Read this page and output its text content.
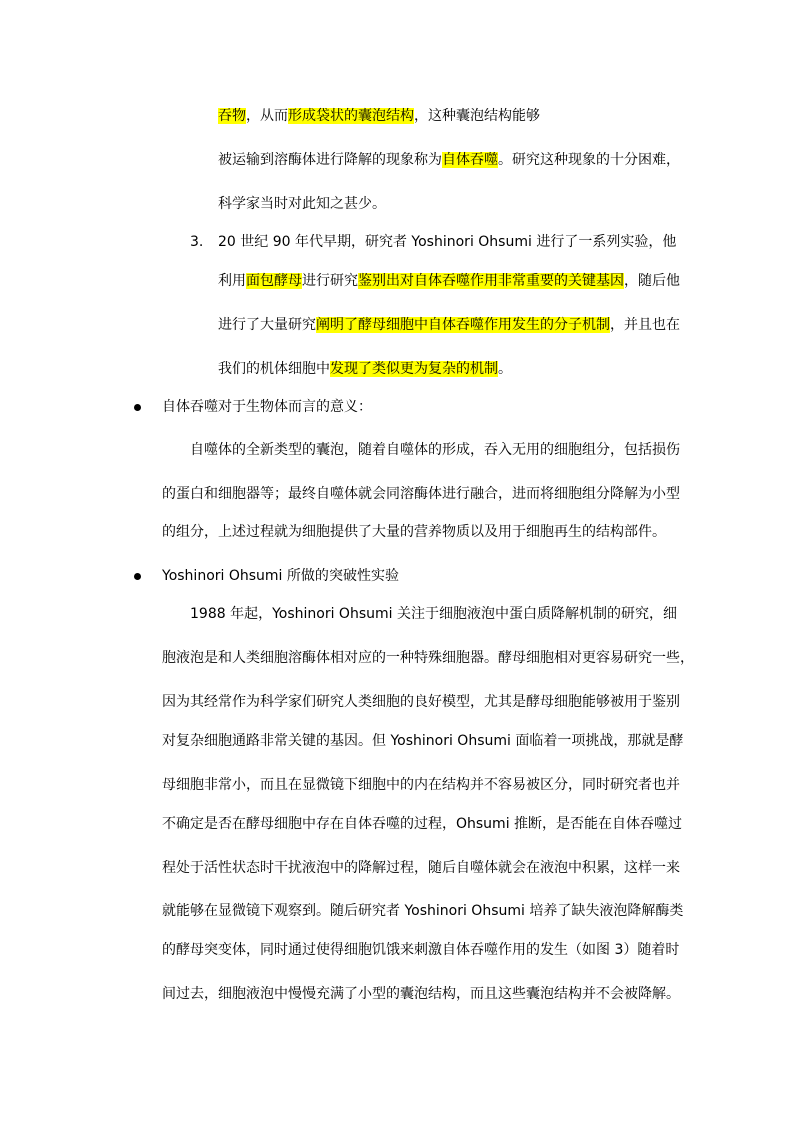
吞物，从而形成袋状的囊泡结构，这种囊泡结构能够
被运输到溶酶体进行降解的现象称为自体吞噬。研究这种现象的十分困难，
科学家当时对此知之甚少。
20 世纪 90 年代早期，研究者 Yoshinori Ohsumi 进行了一系列实验，他
3.
利用面包酵母进行研究鉴别出对自体吞噬作用非常重要的关键基因，随后他
进行了大量研究阐明了酵母细胞中自体吞噬作用发生的分子机制，并且也在
我们的机体细胞中发现了类似更为复杂的机制。
自体吞噬对于生物体而言的意义：
自噬体的全新类型的囊泡，随着自噬体的形成，吞入无用的细胞组分，包括损伤
的蛋白和细胞器等；最终自噬体就会同溶酶体进行融合，进而将细胞组分降解为小型
的组分，上述过程就为细胞提供了大量的营养物质以及用于细胞再生的结构部件。
Yoshinori Ohsumi 所做的突破性实验
1988 年起，Yoshinori Ohsumi 关注于细胞液泡中蛋白质降解机制的研究，细
胞液泡是和人类细胞溶酶体相对应的一种特殊细胞器。酵母细胞相对更容易研究一些，
因为其经常作为科学家们研究人类细胞的良好模型，尤其是酵母细胞能够被用于鉴别
对复杂细胞通路非常关键的基因。但 Yoshinori Ohsumi 面临着一项挑战，那就是酵
母细胞非常小，而且在显微镜下细胞中的内在结构并不容易被区分，同时研究者也并
不确定是否在酵母细胞中存在自体吞噬的过程，Ohsumi 推断，是否能在自体吞噬过
程处于活性状态时干扰液泡中的降解过程，随后自噬体就会在液泡中积累，这样一来
就能够在显微镜下观察到。随后研究者 Yoshinori Ohsumi 培养了缺失液泡降解酶类
的酵母突变体，同时通过使得细胞饥饿来刺激自体吞噬作用的发生（如图 3）随着时
间过去，细胞液泡中慢慢充满了小型的囊泡结构，而且这些囊泡结构并不会被降解。
